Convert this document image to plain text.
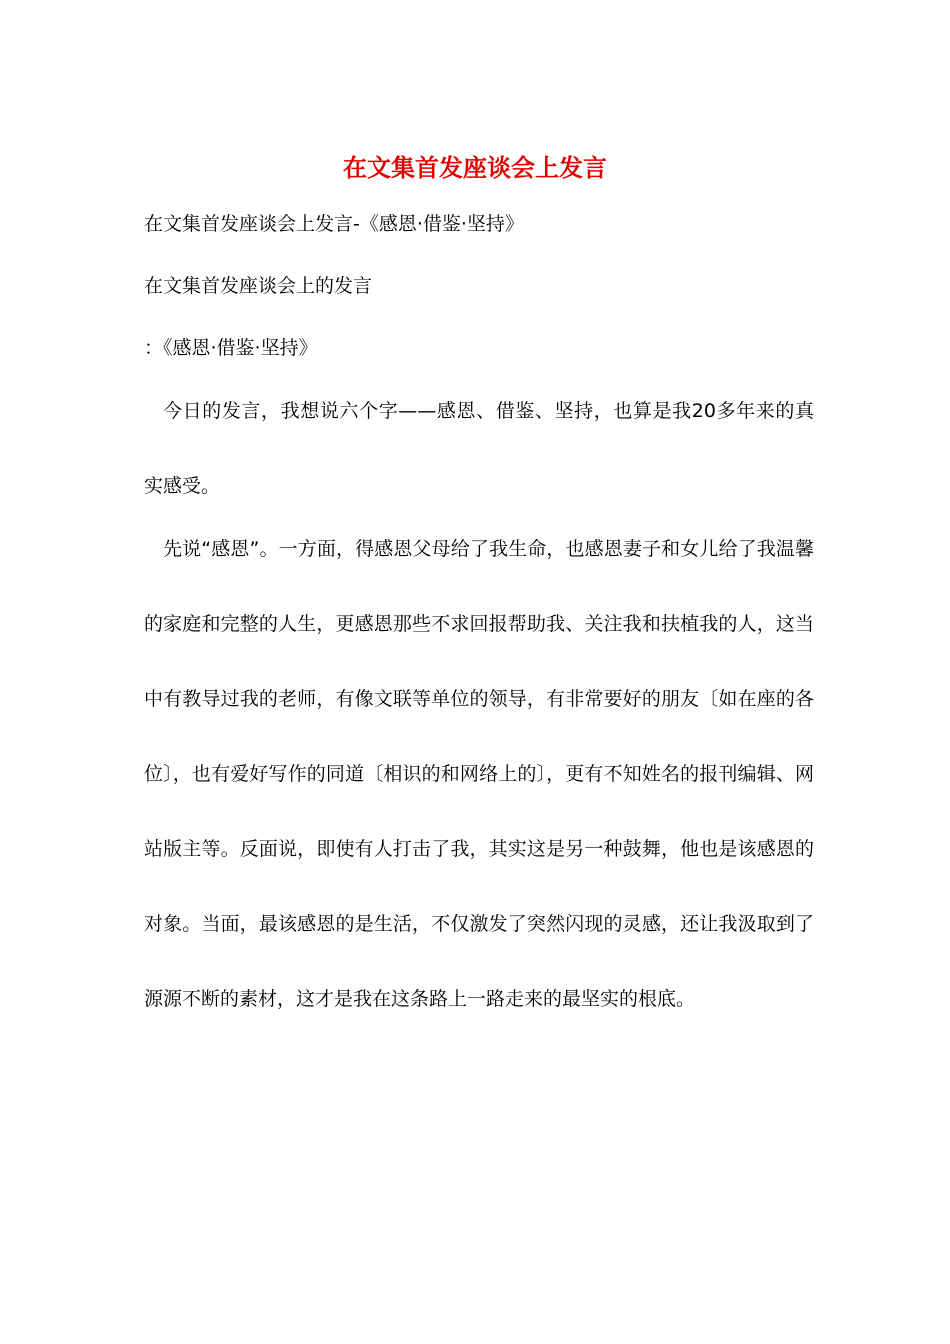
在文集首发座谈会上发言
在文集首发座谈会上发言-《感恩·借鉴·坚持》
在文集首发座谈会上的发言
：《感恩·借鉴·坚持》
今日的发言，我想说六个字——感恩、借鉴、坚持，也算是我20多年来的真实感受。
先说“感恩”。一方面，得感恩父母给了我生命，也感恩妻子和女儿给了我温馨的家庭和完整的人生，更感恩那些不求回报帮助我、关注我和扶植我的人，这当中有教导过我的老师，有像文联等单位的领导，有非常要好的朋友〔如在座的各位〕，也有爱好写作的同道〔相识的和网络上的〕，更有不知姓名的报刊编辑、网站版主等。反面说，即使有人打击了我，其实这是另一种鼓舞，他也是该感恩的对象。当面，最该感恩的是生活，不仅激发了突然闪现的灵感，还让我汲取到了源源不断的素材，这才是我在这条路上一路走来的最坚实的根底。
